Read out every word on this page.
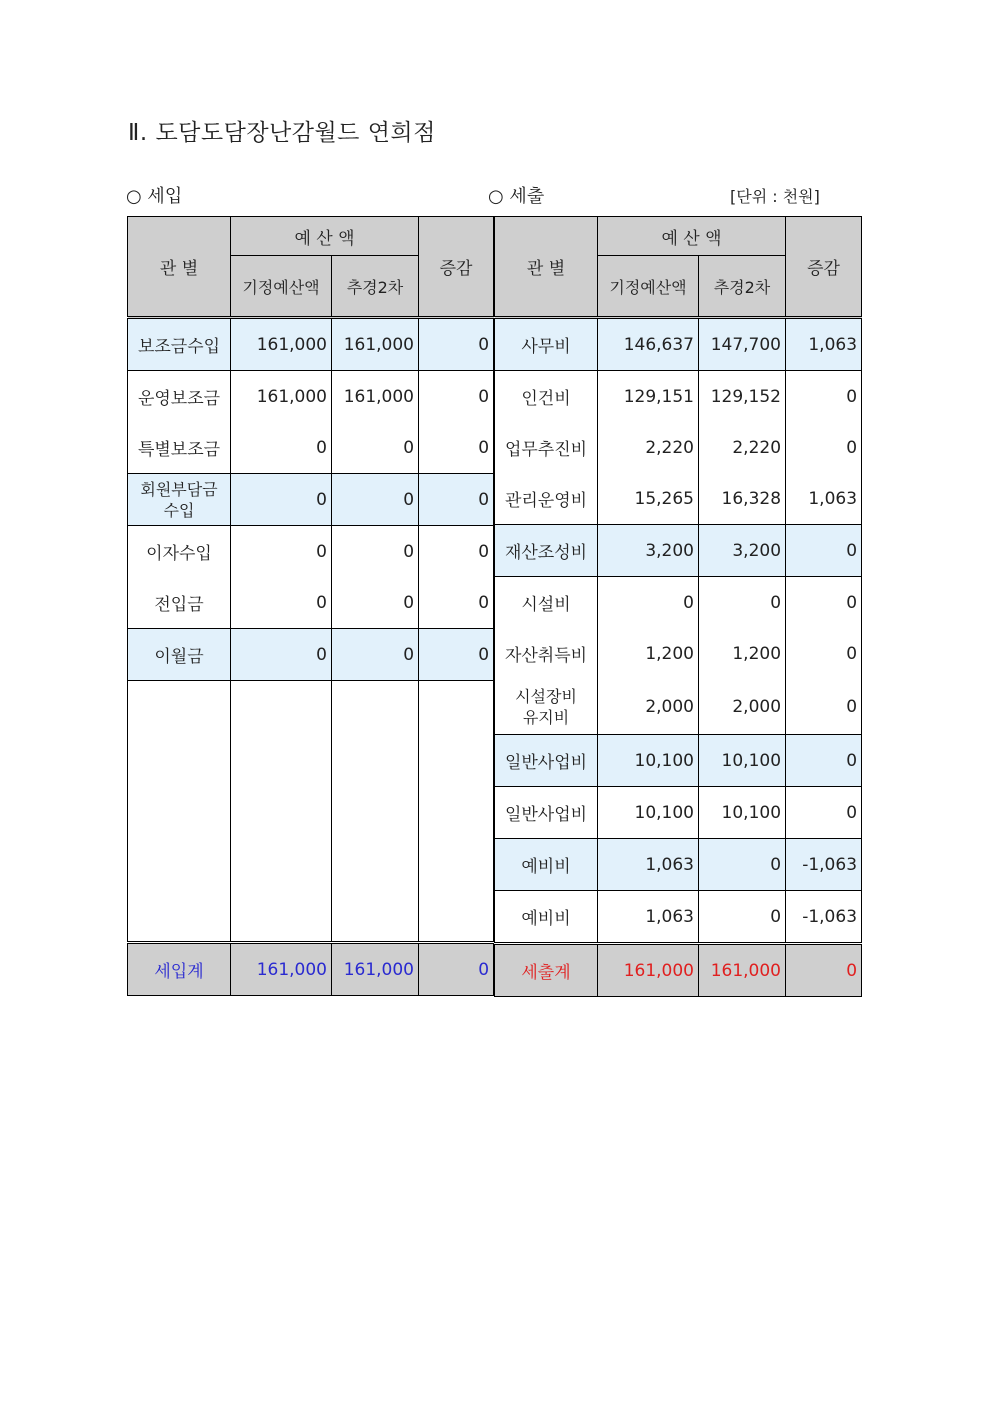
Ⅱ. 도담도담장난감월드 연희점
○ 세입	○ 세출	[단위 : 천원]
관 별	예 산 액		증감
	기정예산액	추경2차	
보조금수입	161,000	161,000	0
운영보조금	161,000	161,000	0
특별보조금	0	0	0
회원부담금
수입	0	0	0
이자수입	0	0	0
전입금	0	0	0
이월금	0	0	0

세입계	161,000	161,000	0
관 별	예 산 액		증감
	기정예산액	추경2차	
사무비	146,637	147,700	1,063
인건비	129,151	129,152	0
업무추진비	2,220	2,220	0
관리운영비	15,265	16,328	1,063
재산조성비	3,200	3,200	0
시설비	0	0	0
자산취득비	1,200	1,200	0
시설장비
유지비	2,000	2,000	0
일반사업비	10,100	10,100	0
일반사업비	10,100	10,100	0
예비비	1,063	0	-1,063
예비비	1,063	0	-1,063
세출계	161,000	161,000	0
